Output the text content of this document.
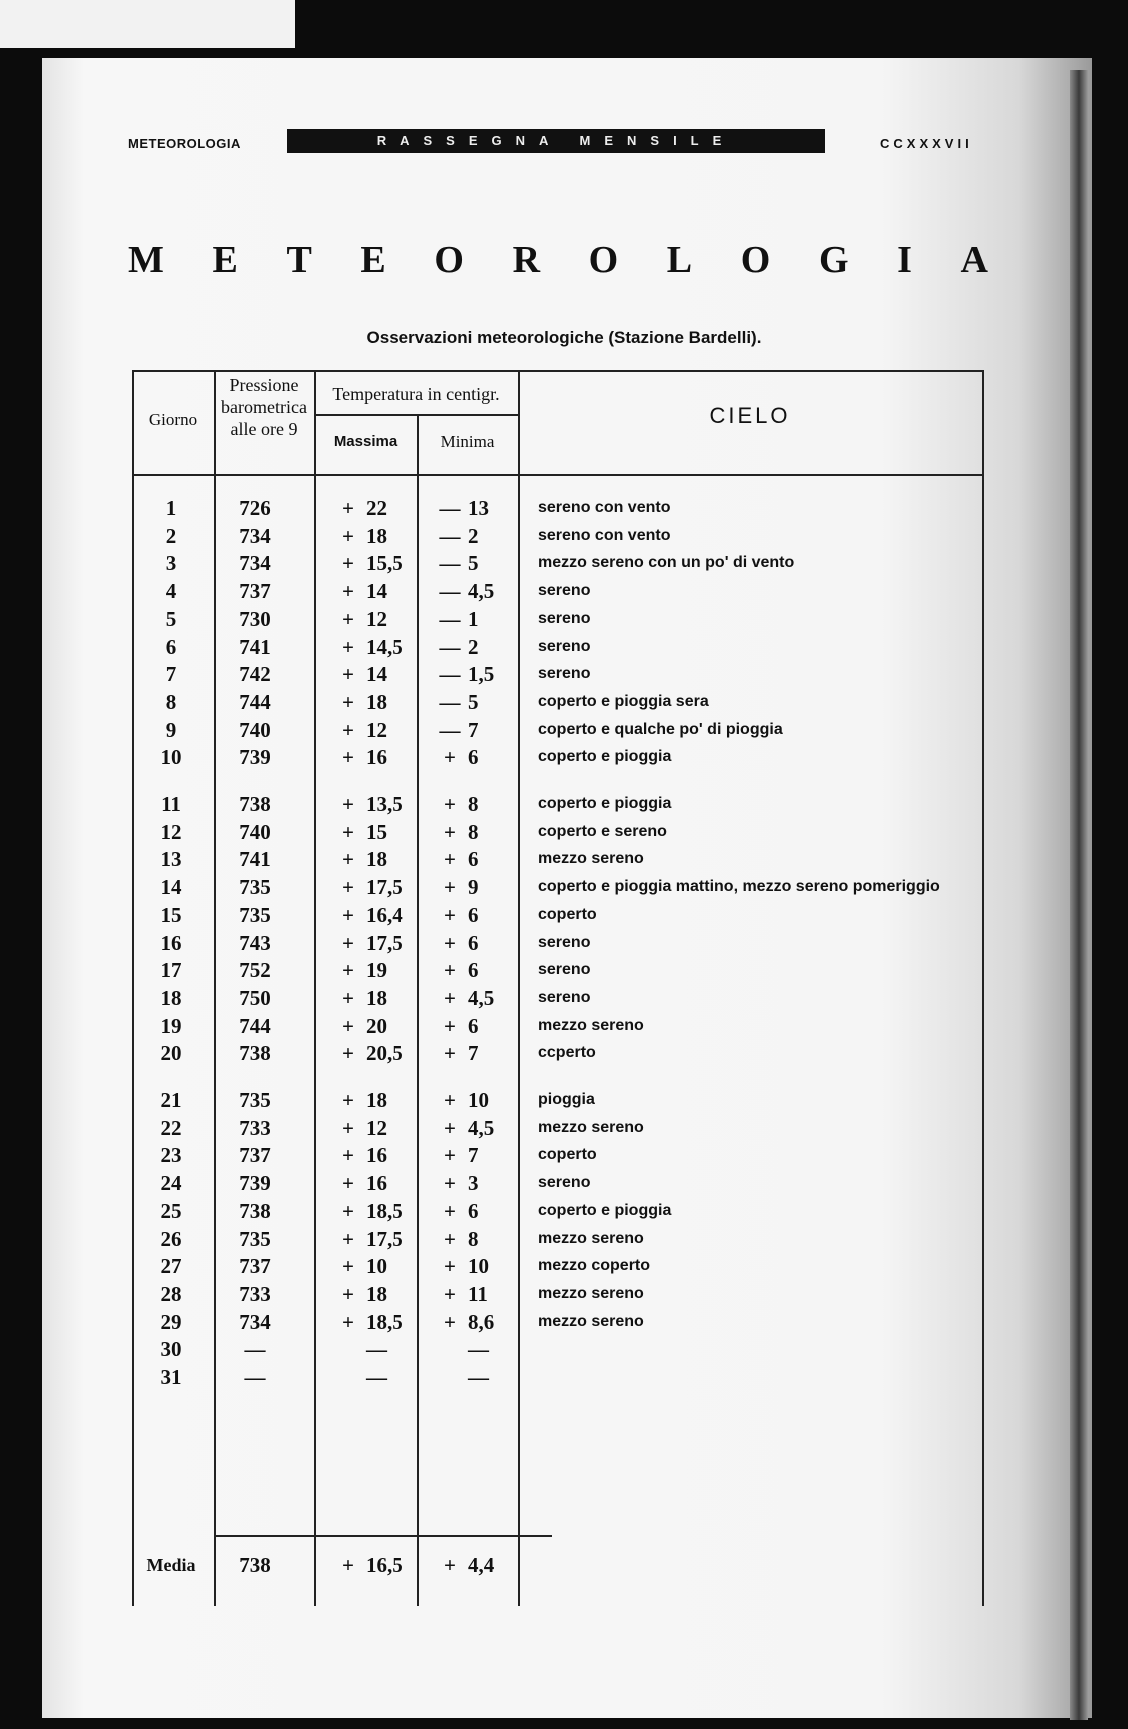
METEOROLOGIA	RASSEGNA MENSILE	CCXXXVII
M E T E O R O L O G I A
Osservazioni meteorologiche (Stazione Bardelli).
Giorno
Pressione
barometrica
alle ore 9
Temperatura in centigr.
Massima	Minima
CIELO
1	726	+ 22	— 13	sereno con vento
2	734	+ 18	— 2	sereno con vento
3	734	+ 15,5	— 5	mezzo sereno con un po' di vento
4	737	+ 14	— 4,5	sereno
5	730	+ 12	— 1	sereno
6	741	+ 14,5	— 2	sereno
7	742	+ 14	— 1,5	sereno
8	744	+ 18	— 5	coperto e pioggia sera
9	740	+ 12	— 7	coperto e qualche po' di pioggia
10	739	+ 16	+ 6	coperto e pioggia
11	738	+ 13,5	+ 8	coperto e pioggia
12	740	+ 15	+ 8	coperto e sereno
13	741	+ 18	+ 6	mezzo sereno
14	735	+ 17,5	+ 9	coperto e pioggia mattino, mezzo sereno pomeriggio
15	735	+ 16,4	+ 6	coperto
16	743	+ 17,5	+ 6	sereno
17	752	+ 19	+ 6	sereno
18	750	+ 18	+ 4,5	sereno
19	744	+ 20	+ 6	mezzo sereno
20	738	+ 20,5	+ 7	ccperto
21	735	+ 18	+ 10	pioggia
22	733	+ 12	+ 4,5	mezzo sereno
23	737	+ 16	+ 7	coperto
24	739	+ 16	+ 3	sereno
25	738	+ 18,5	+ 6	coperto e pioggia
26	735	+ 17,5	+ 8	mezzo sereno
27	737	+ 10	+ 10	mezzo coperto
28	733	+ 18	+ 11	mezzo sereno
29	734	+ 18,5	+ 8,6	mezzo sereno
30	—	—	—
31	—	—	—
Media	738	+ 16,5	+ 4,4
